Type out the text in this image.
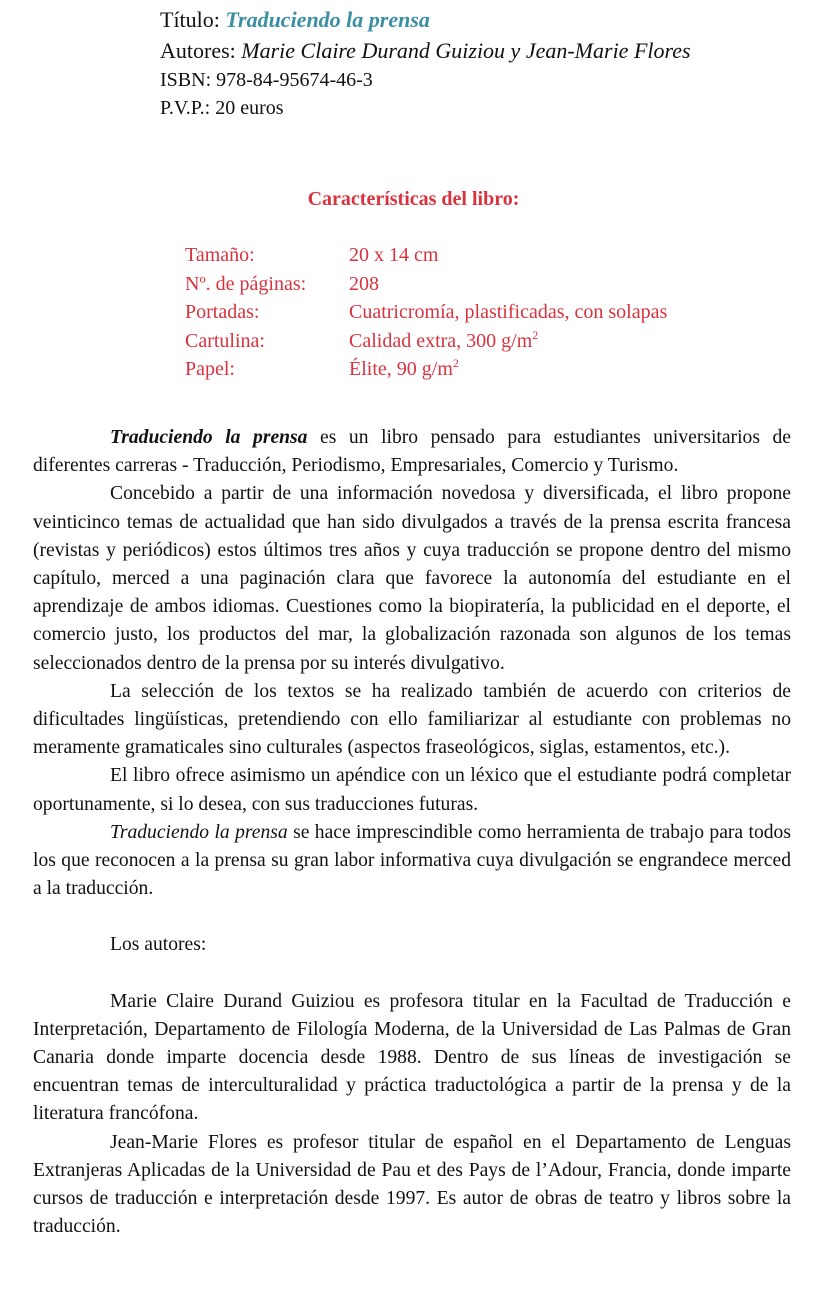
Título: Traduciendo la prensa
Autores: Marie Claire Durand Guiziou y Jean-Marie Flores
ISBN: 978-84-95674-46-3
P.V.P.: 20 euros
Características del libro:
Tamaño:	20 x 14 cm
Nº. de páginas: 208
Portadas:	Cuatricromía, plastificadas, con solapas
Cartulina:	Calidad extra, 300 $g/m^2$
Papel:	Élite, 90 $g/m^2$

Traduciendo la prensa es un libro pensado para estudiantes universitarios de diferentes carreras - Traducción, Periodismo, Empresariales, Comercio y Turismo.

Concebido a partir de una información novedosa y diversificada, el libro propone veinticinco temas de actualidad que han sido divulgados a través de la prensa escrita francesa (revistas y periódicos) estos últimos tres años y cuya traducción se propone dentro del mismo capítulo, merced a una paginación clara que favorece la autonomía del estudiante en el aprendizaje de ambos idiomas. Cuestiones como la biopiratería, la publicidad en el deporte, el comercio justo, los productos del mar, la globalización razonada son algunos de los temas seleccionados dentro de la prensa por su interés divulgativo.

La selección de los textos se ha realizado también de acuerdo con criterios de dificultades lingüísticas, pretendiendo con ello familiarizar al estudiante con problemas no meramente gramaticales sino culturales (aspectos fraseológicos, siglas, estamentos, etc.).

El libro ofrece asimismo un apéndice con un léxico que el estudiante podrá completar oportunamente, si lo desea, con sus traducciones futuras.

Traduciendo la prensa se hace imprescindible como herramienta de trabajo para todos los que reconocen a la prensa su gran labor informativa cuya divulgación se engrandece merced a la traducción.

Los autores:

Marie Claire Durand Guiziou es profesora titular en la Facultad de Traducción e Interpretación, Departamento de Filología Moderna, de la Universidad de Las Palmas de Gran Canaria donde imparte docencia desde 1988. Dentro de sus líneas de investigación se encuentran temas de interculturalidad y práctica traductológica a partir de la prensa y de la literatura francófona.

Jean-Marie Flores es profesor titular de español en el Departamento de Lenguas Extranjeras Aplicadas de la Universidad de Pau et des Pays de l’Adour, Francia, donde imparte cursos de traducción e interpretación desde 1997. Es autor de obras de teatro y libros sobre la traducción.
